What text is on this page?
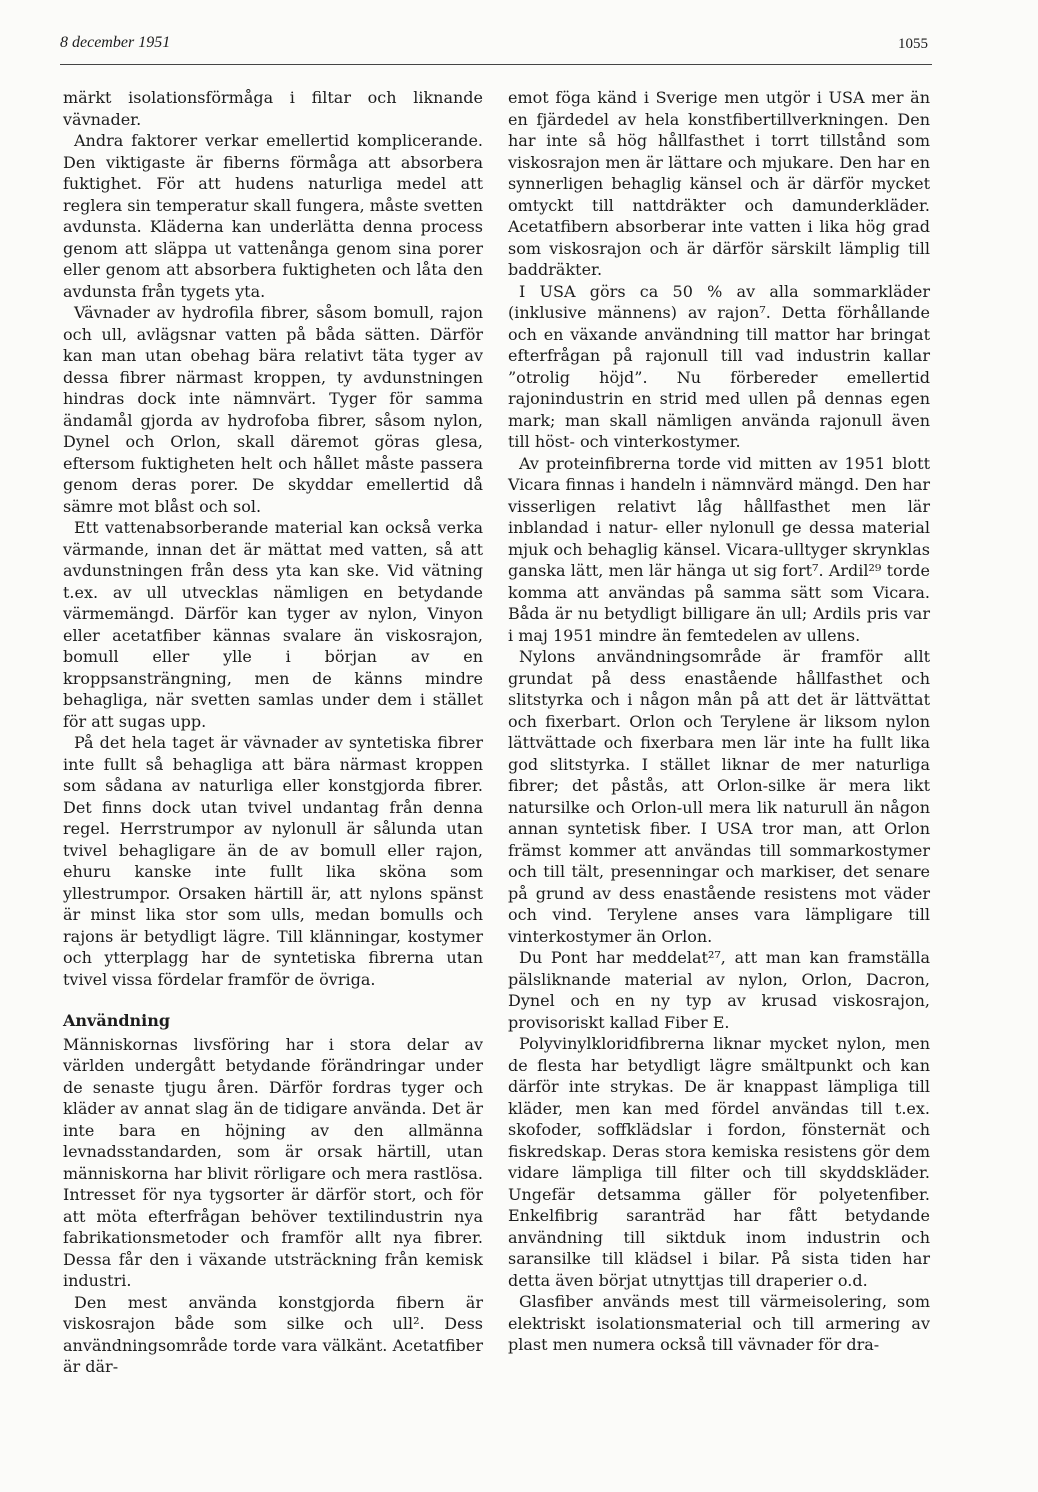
8 december 1951	1055

märkt isolationsförmåga i filtar och liknande vävnader.

Andra faktorer verkar emellertid komplicerande. Den viktigaste är fiberns förmåga att absorbera fuktighet. För att hudens naturliga medel att reglera sin temperatur skall fungera, måste svetten avdunsta. Kläderna kan underlätta denna process genom att släppa ut vattenånga genom sina porer eller genom att absorbera fuktigheten och låta den avdunsta från tygets yta.

Vävnader av hydrofila fibrer, såsom bomull, rajon och ull, avlägsnar vatten på båda sätten. Därför kan man utan obehag bära relativt täta tyger av dessa fibrer närmast kroppen, ty avdunstningen hindras dock inte nämnvärt. Tyger för samma ändamål gjorda av hydrofoba fibrer, såsom nylon, Dynel och Orlon, skall däremot göras glesa, eftersom fuktigheten helt och hållet måste passera genom deras porer. De skyddar emellertid då sämre mot blåst och sol.

Ett vattenabsorberande material kan också verka värmande, innan det är mättat med vatten, så att avdunstningen från dess yta kan ske. Vid vätning t.ex. av ull utvecklas nämligen en betydande värmemängd. Därför kan tyger av nylon, Vinyon eller acetatfiber kännas svalare än viskosrajon, bomull eller ylle i början av en kroppsansträngning, men de känns mindre behagliga, när svetten samlas under dem i stället för att sugas upp.

På det hela taget är vävnader av syntetiska fibrer inte fullt så behagliga att bära närmast kroppen som sådana av naturliga eller konstgjorda fibrer. Det finns dock utan tvivel undantag från denna regel. Herrstrumpor av nylonull är sålunda utan tvivel behagligare än de av bomull eller rajon, ehuru kanske inte fullt lika sköna som yllestrumpor. Orsaken härtill är, att nylons spänst är minst lika stor som ulls, medan bomulls och rajons är betydligt lägre. Till klänningar, kostymer och ytterplagg har de syntetiska fibrerna utan tvivel vissa fördelar framför de övriga.

Användning

Människornas livsföring har i stora delar av världen undergått betydande förändringar under de senaste tjugu åren. Därför fordras tyger och kläder av annat slag än de tidigare använda. Det är inte bara en höjning av den allmänna levnadsstandarden, som är orsak härtill, utan människorna har blivit rörligare och mera rastlösa. Intresset för nya tygsorter är därför stort, och för att möta efterfrågan behöver textilindustrin nya fabrikationsmetoder och framför allt nya fibrer. Dessa får den i växande utsträckning från kemisk industri.

Den mest använda konstgjorda fibern är viskosrajon både som silke och ull². Dess användningsområde torde vara välkänt. Acetatfiber är där-

emot föga känd i Sverige men utgör i USA mer än en fjärdedel av hela konstfibertillverkningen. Den har inte så hög hållfasthet i torrt tillstånd som viskosrajon men är lättare och mjukare. Den har en synnerligen behaglig känsel och är därför mycket omtyckt till nattdräkter och damunderkläder. Acetatfibern absorberar inte vatten i lika hög grad som viskosrajon och är därför särskilt lämplig till baddräkter.

I USA görs ca 50 % av alla sommarkläder (inklusive männens) av rajon⁷. Detta förhållande och en växande användning till mattor har bringat efterfrågan på rajonull till vad industrin kallar ”otrolig höjd”. Nu förbereder emellertid rajonindustrin en strid med ullen på dennas egen mark; man skall nämligen använda rajonull även till höst- och vinterkostymer.

Av proteinfibrerna torde vid mitten av 1951 blott Vicara finnas i handeln i nämnvärd mängd. Den har visserligen relativt låg hållfasthet men lär inblandad i natur- eller nylonull ge dessa material mjuk och behaglig känsel. Vicara-ulltyger skrynklas ganska lätt, men lär hänga ut sig fort⁷. Ardil²⁹ torde komma att användas på samma sätt som Vicara. Båda är nu betydligt billigare än ull; Ardils pris var i maj 1951 mindre än femtedelen av ullens.

Nylons användningsområde är framför allt grundat på dess enastående hållfasthet och slitstyrka och i någon mån på att det är lättvättat och fixerbart. Orlon och Terylene är liksom nylon lättvättade och fixerbara men lär inte ha fullt lika god slitstyrka. I stället liknar de mer naturliga fibrer; det påstås, att Orlon-silke är mera likt natursilke och Orlon-ull mera lik naturull än någon annan syntetisk fiber. I USA tror man, att Orlon främst kommer att användas till sommarkostymer och till tält, presenningar och markiser, det senare på grund av dess enastående resistens mot väder och vind. Terylene anses vara lämpligare till vinterkostymer än Orlon.

Du Pont har meddelat²⁷, att man kan framställa pälsliknande material av nylon, Orlon, Dacron, Dynel och en ny typ av krusad viskosrajon, provisoriskt kallad Fiber E.

Polyvinylkloridfibrerna liknar mycket nylon, men de flesta har betydligt lägre smältpunkt och kan därför inte strykas. De är knappast lämpliga till kläder, men kan med fördel användas till t.ex. skofoder, soffklädslar i fordon, fönsternät och fiskredskap. Deras stora kemiska resistens gör dem vidare lämpliga till filter och till skyddskläder. Ungefär detsamma gäller för polyetenfiber. Enkelfibrig saranträd har fått betydande användning till siktduk inom industrin och saransilke till klädsel i bilar. På sista tiden har detta även börjat utnyttjas till draperier o.d.

Glasfiber används mest till värmeisolering, som elektriskt isolationsmaterial och till armering av plast men numera också till vävnader för dra-
